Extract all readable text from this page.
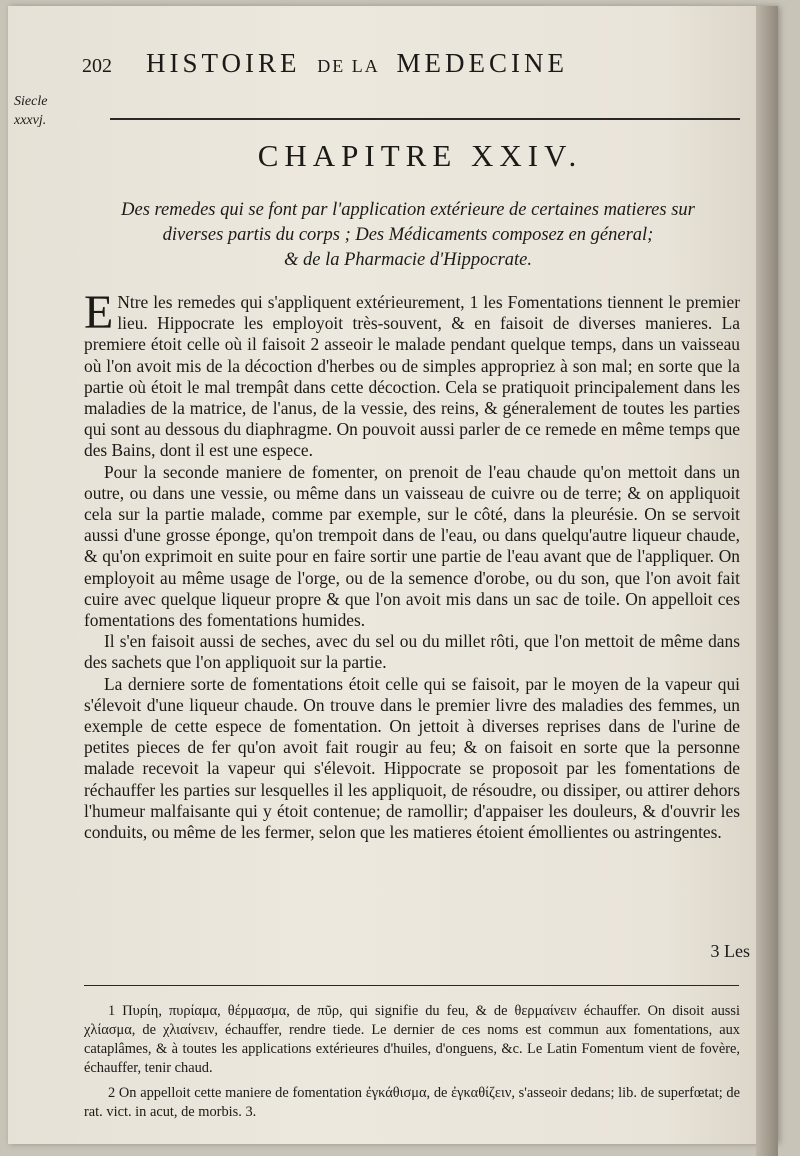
Siecle
xxxvj.
202	HISTOIRE DE LA MEDECINE
CHAPITRE XXIV.
Des remedes qui se font par l'application extérieure de certaines matieres sur
diverses partis du corps ; Des Médicaments composez en géneral;
& de la Pharmacie d'Hippocrate.

E Ntre les remedes qui s'appliquent extérieurement, 1 les Fomentations tiennent le premier lieu. Hippocrate les employoit très-souvent, & en faisoit de diverses manieres. La premiere étoit celle où il faisoit 2 asseoir le malade pendant quelque temps, dans un vaisseau où l'on avoit mis de la décoction d'herbes ou de simples appropriez à son mal; en sorte que la partie où étoit le mal trempât dans cette décoction. Cela se pratiquoit principalement dans les maladies de la matrice, de l'anus, de la vessie, des reins, & géneralement de toutes les parties qui sont au dessous du diaphragme. On pouvoit aussi parler de ce remede en même temps que des Bains, dont il est une espece.

Pour la seconde maniere de fomenter, on prenoit de l'eau chaude qu'on mettoit dans un outre, ou dans une vessie, ou même dans un vaisseau de cuivre ou de terre; & on appliquoit cela sur la partie malade, comme par exemple, sur le côté, dans la pleurésie. On se servoit aussi d'une grosse éponge, qu'on trempoit dans de l'eau, ou dans quelqu'autre liqueur chaude, & qu'on exprimoit en suite pour en faire sortir une partie de l'eau avant que de l'appliquer. On employoit au même usage de l'orge, ou de la semence d'orobe, ou du son, que l'on avoit fait cuire avec quelque liqueur propre & que l'on avoit mis dans un sac de toile. On appelloit ces fomentations des fomentations humides.

Il s'en faisoit aussi de seches, avec du sel ou du millet rôti, que l'on mettoit de même dans des sachets que l'on appliquoit sur la partie.

La derniere sorte de fomentations étoit celle qui se faisoit, par le moyen de la vapeur qui s'élevoit d'une liqueur chaude. On trouve dans le premier livre des maladies des femmes, un exemple de cette espece de fomentation. On jettoit à diverses reprises dans de l'urine de petites pieces de fer qu'on avoit fait rougir au feu; & on faisoit en sorte que la personne malade recevoit la vapeur qui s'élevoit. Hippocrate se proposoit par les fomentations de réchauffer les parties sur lesquelles il les appliquoit, de résoudre, ou dissiper, ou attirer dehors l'humeur malfaisante qui y étoit contenue; de ramollir; d'appaiser les douleurs, & d'ouvrir les conduits, ou même de les fermer, selon que les matieres étoient émollientes ou astringentes.

3 Les

1 Πυρίη, πυρίαμα, θέρμασμα, de πῦρ, qui signifie du feu, & de θερμαίνειν échauffer. On disoit aussi χλίασμα, de χλιαίνειν, échauffer, rendre tiede. Le dernier de ces noms est commun aux fomentations, aux cataplâmes, & à toutes les applications extérieures d'huiles, d'onguens, &c. Le Latin Fomentum vient de fovère, échauffer, tenir chaud.

2 On appelloit cette maniere de fomentation ἐγκάθισμα, de ἐγκαθίζειν, s'asseoir dedans; lib. de superfœtat; de rat. vict. in acut, de morbis. 3.
